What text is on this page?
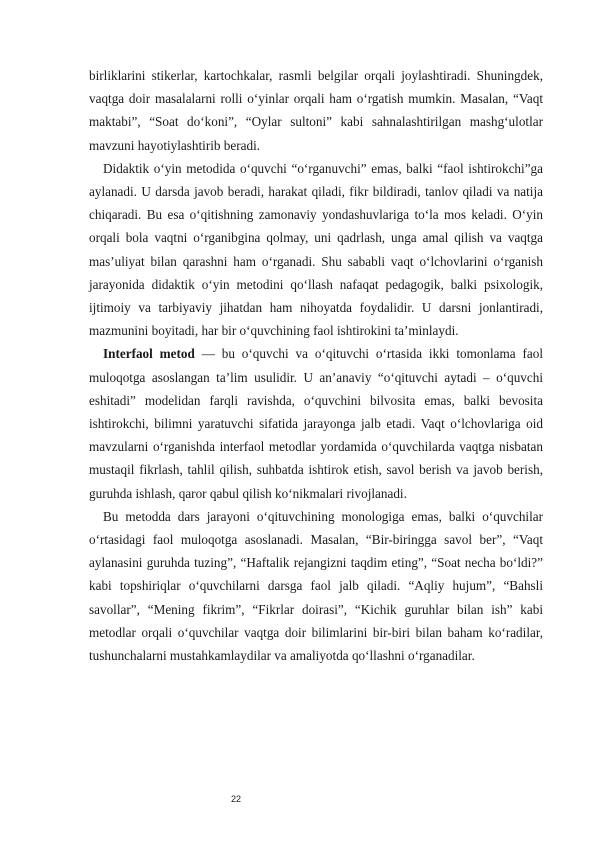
birliklarini stikerlar, kartochkalar, rasmli belgilar orqali joylashtiradi. Shuningdek, vaqtga doir masalalarni rolli o‘yinlar orqali ham o‘rgatish mumkin. Masalan, “Vaqt maktabi”, “Soat do‘koni”, “Oylar sultoni” kabi sahnalashtirilgan mashg‘ulotlar mavzuni hayotiylashtirib beradi.

Didaktik o‘yin metodida o‘quvchi “o‘rganuvchi” emas, balki “faol ishtirokchi”ga aylanadi. U darsda javob beradi, harakat qiladi, fikr bildiradi, tanlov qiladi va natija chiqaradi. Bu esa o‘qitishning zamonaviy yondashuvlariga to‘la mos keladi. O‘yin orqali bola vaqtni o‘rganibgina qolmay, uni qadrlash, unga amal qilish va vaqtga mas’uliyat bilan qarashni ham o‘rganadi. Shu sababli vaqt o‘lchovlarini o‘rganish jarayonida didaktik o‘yin metodini qo‘llash nafaqat pedagogik, balki psixologik, ijtimoiy va tarbiyaviy jihatdan ham nihoyatda foydalidir. U darsni jonlantiradi, mazmunini boyitadi, har bir o‘quvchining faol ishtirokini ta’minlaydi.

Interfaol metod — bu o‘quvchi va o‘qituvchi o‘rtasida ikki tomonlama faol muloqotga asoslangan ta’lim usulidir. U an’anaviy “o‘qituvchi aytadi – o‘quvchi eshitadi” modelidan farqli ravishda, o‘quvchini bilvosita emas, balki bevosita ishtirokchi, bilimni yaratuvchi sifatida jarayonga jalb etadi. Vaqt o‘lchovlariga oid mavzularni o‘rganishda interfaol metodlar yordamida o‘quvchilarda vaqtga nisbatan mustaqil fikrlash, tahlil qilish, suhbatda ishtirok etish, savol berish va javob berish, guruhda ishlash, qaror qabul qilish ko‘nikmalari rivojlanadi.

Bu metodda dars jarayoni o‘qituvchining monologiga emas, balki o‘quvchilar o‘rtasidagi faol muloqotga asoslanadi. Masalan, “Bir-biringga savol ber”, “Vaqt aylanasini guruhda tuzing”, “Haftalik rejangizni taqdim eting”, “Soat necha bo‘ldi?” kabi topshiriqlar o‘quvchilarni darsga faol jalb qiladi. “Aqliy hujum”, “Bahsli savollar”, “Mening fikrim”, “Fikrlar doirasi”, “Kichik guruhlar bilan ish” kabi metodlar orqali o‘quvchilar vaqtga doir bilimlarini bir-biri bilan baham ko‘radilar, tushunchalarni mustahkamlaydilar va amaliyotda qo‘llashni o‘rganadilar.

22
